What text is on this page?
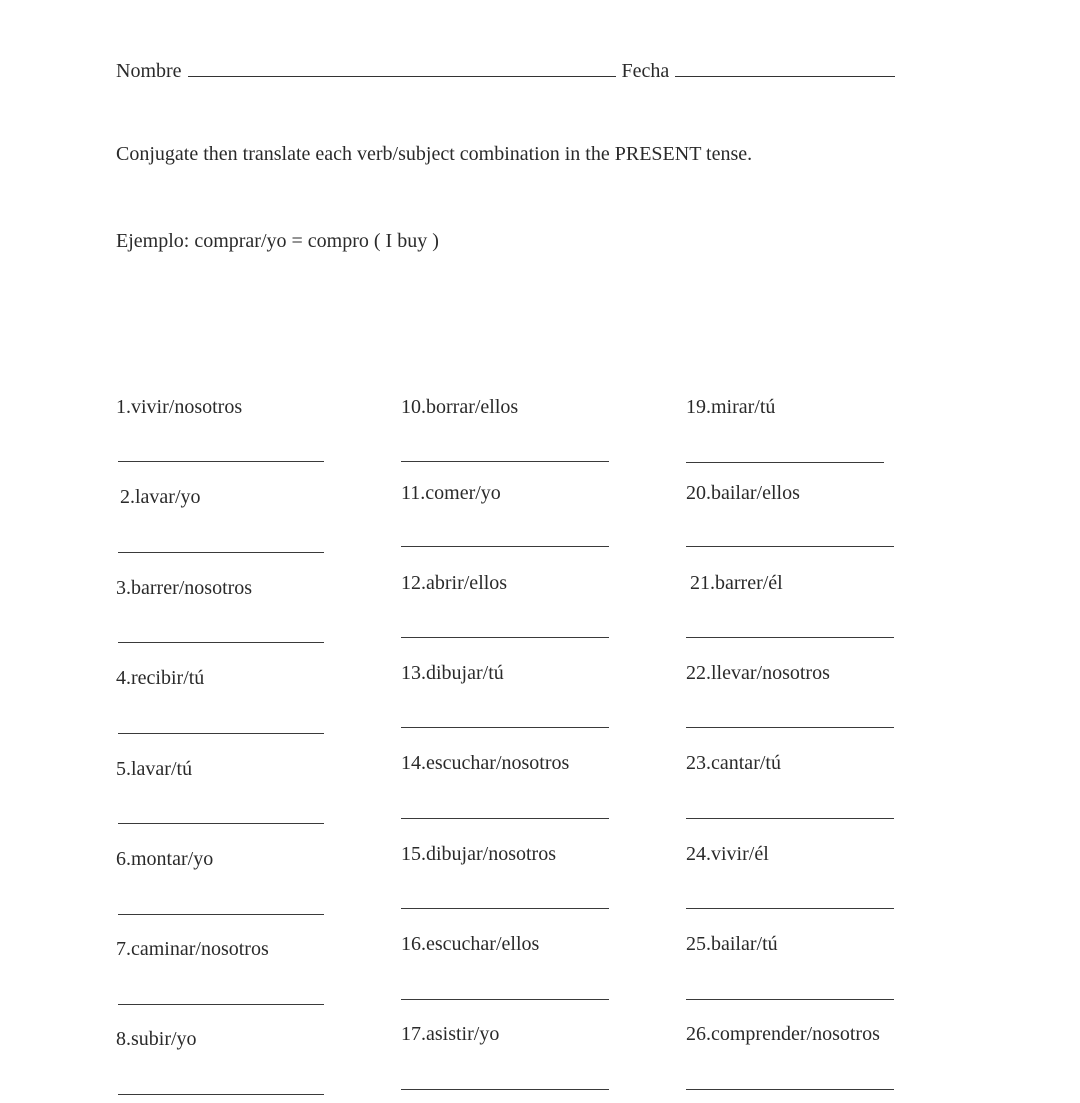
Nombre	Fecha
Conjugate then translate each verb/subject combination in the PRESENT tense.
Ejemplo: comprar/yo = compro ( I buy )
1.vivir/nosotros
2.lavar/yo
3.barrer/nosotros
4.recibir/tú
5.lavar/tú
6.montar/yo
7.caminar/nosotros
8.subir/yo
10.borrar/ellos
11.comer/yo
12.abrir/ellos
13.dibujar/tú
14.escuchar/nosotros
15.dibujar/nosotros
16.escuchar/ellos
17.asistir/yo
19.mirar/tú
20.bailar/ellos
21.barrer/él
22.llevar/nosotros
23.cantar/tú
24.vivir/él
25.bailar/tú
26.comprender/nosotros
